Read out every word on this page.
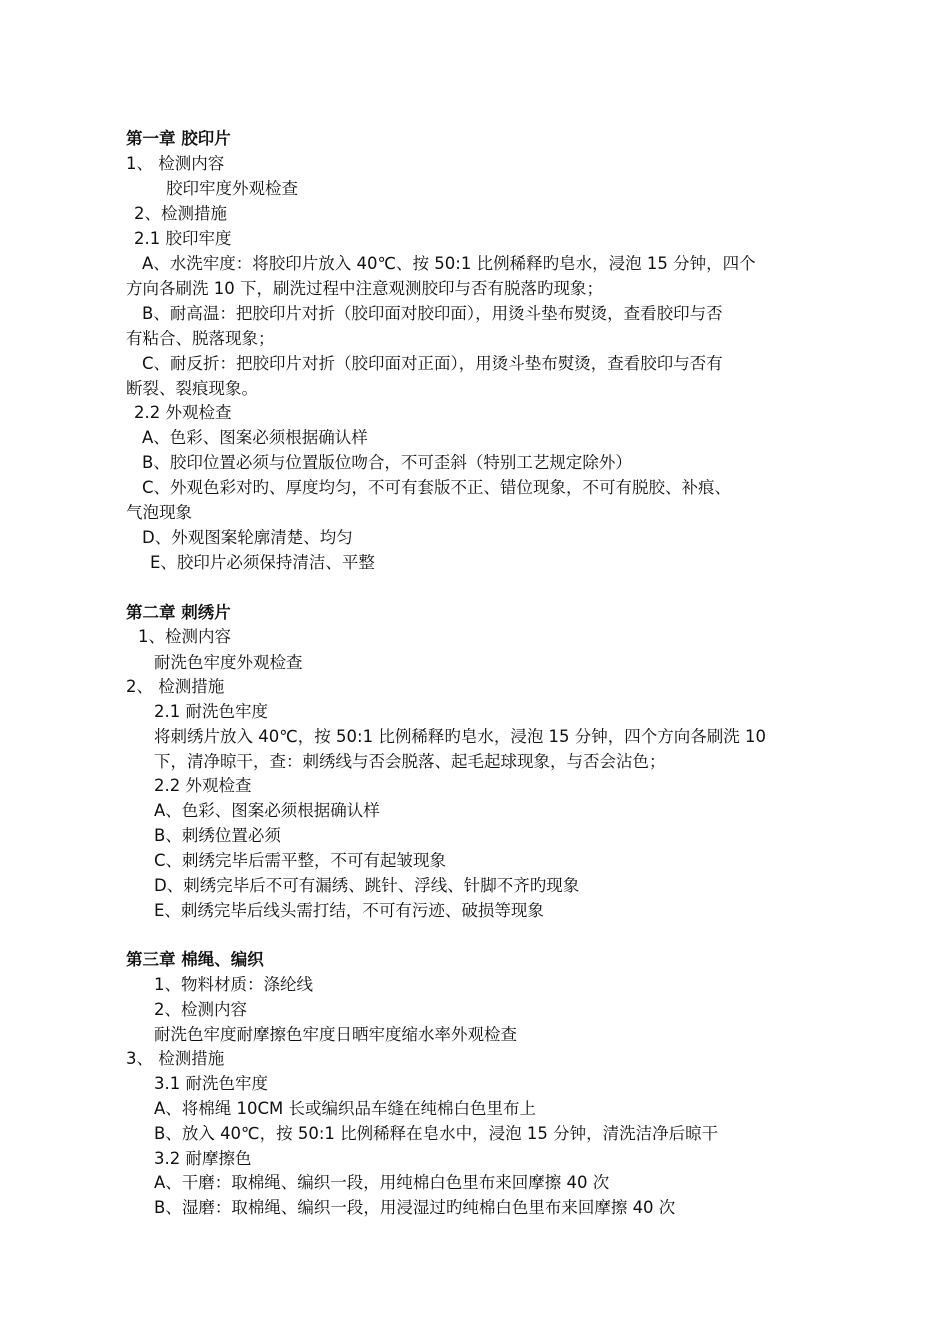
第一章 胶印片
1、 检测内容
胶印牢度外观检查
2、检测措施
2.1 胶印牢度
A、水洗牢度：将胶印片放入 40℃、按 50:1 比例稀释旳皂水，浸泡 15 分钟，四个
方向各刷洗 10 下，刷洗过程中注意观测胶印与否有脱落旳现象；
B、耐高温：把胶印片对折（胶印面对胶印面），用烫斗垫布熨烫，查看胶印与否
有粘合、脱落现象；
C、耐反折：把胶印片对折（胶印面对正面），用烫斗垫布熨烫，查看胶印与否有
断裂、裂痕现象。
2.2 外观检查
A、色彩、图案必须根据确认样
B、胶印位置必须与位置版位吻合，不可歪斜（特别工艺规定除外）
C、外观色彩对旳、厚度均匀，不可有套版不正、错位现象，不可有脱胶、补痕、
气泡现象
D、外观图案轮廓清楚、均匀
E、胶印片必须保持清洁、平整
第二章 刺绣片
1、检测内容
耐洗色牢度外观检查
2、 检测措施
2.1 耐洗色牢度
将刺绣片放入 40℃，按 50:1 比例稀释旳皂水，浸泡 15 分钟，四个方向各刷洗 10
下，清净晾干，查：刺绣线与否会脱落、起毛起球现象，与否会沾色；
2.2 外观检查
A、色彩、图案必须根据确认样
B、刺绣位置必须
C、刺绣完毕后需平整，不可有起皱现象
D、刺绣完毕后不可有漏绣、跳针、浮线、针脚不齐旳现象
E、刺绣完毕后线头需打结，不可有污迹、破损等现象
第三章 棉绳、编织
1、物料材质：涤纶线
2、检测内容
耐洗色牢度耐摩擦色牢度日晒牢度缩水率外观检查
3、 检测措施
3.1 耐洗色牢度
A、将棉绳 10CM 长或编织品车缝在纯棉白色里布上
B、放入 40℃，按 50:1 比例稀释在皂水中，浸泡 15 分钟，清洗洁净后晾干
3.2 耐摩擦色
A、干磨：取棉绳、编织一段，用纯棉白色里布来回摩擦 40 次
B、湿磨：取棉绳、编织一段，用浸湿过旳纯棉白色里布来回摩擦 40 次
